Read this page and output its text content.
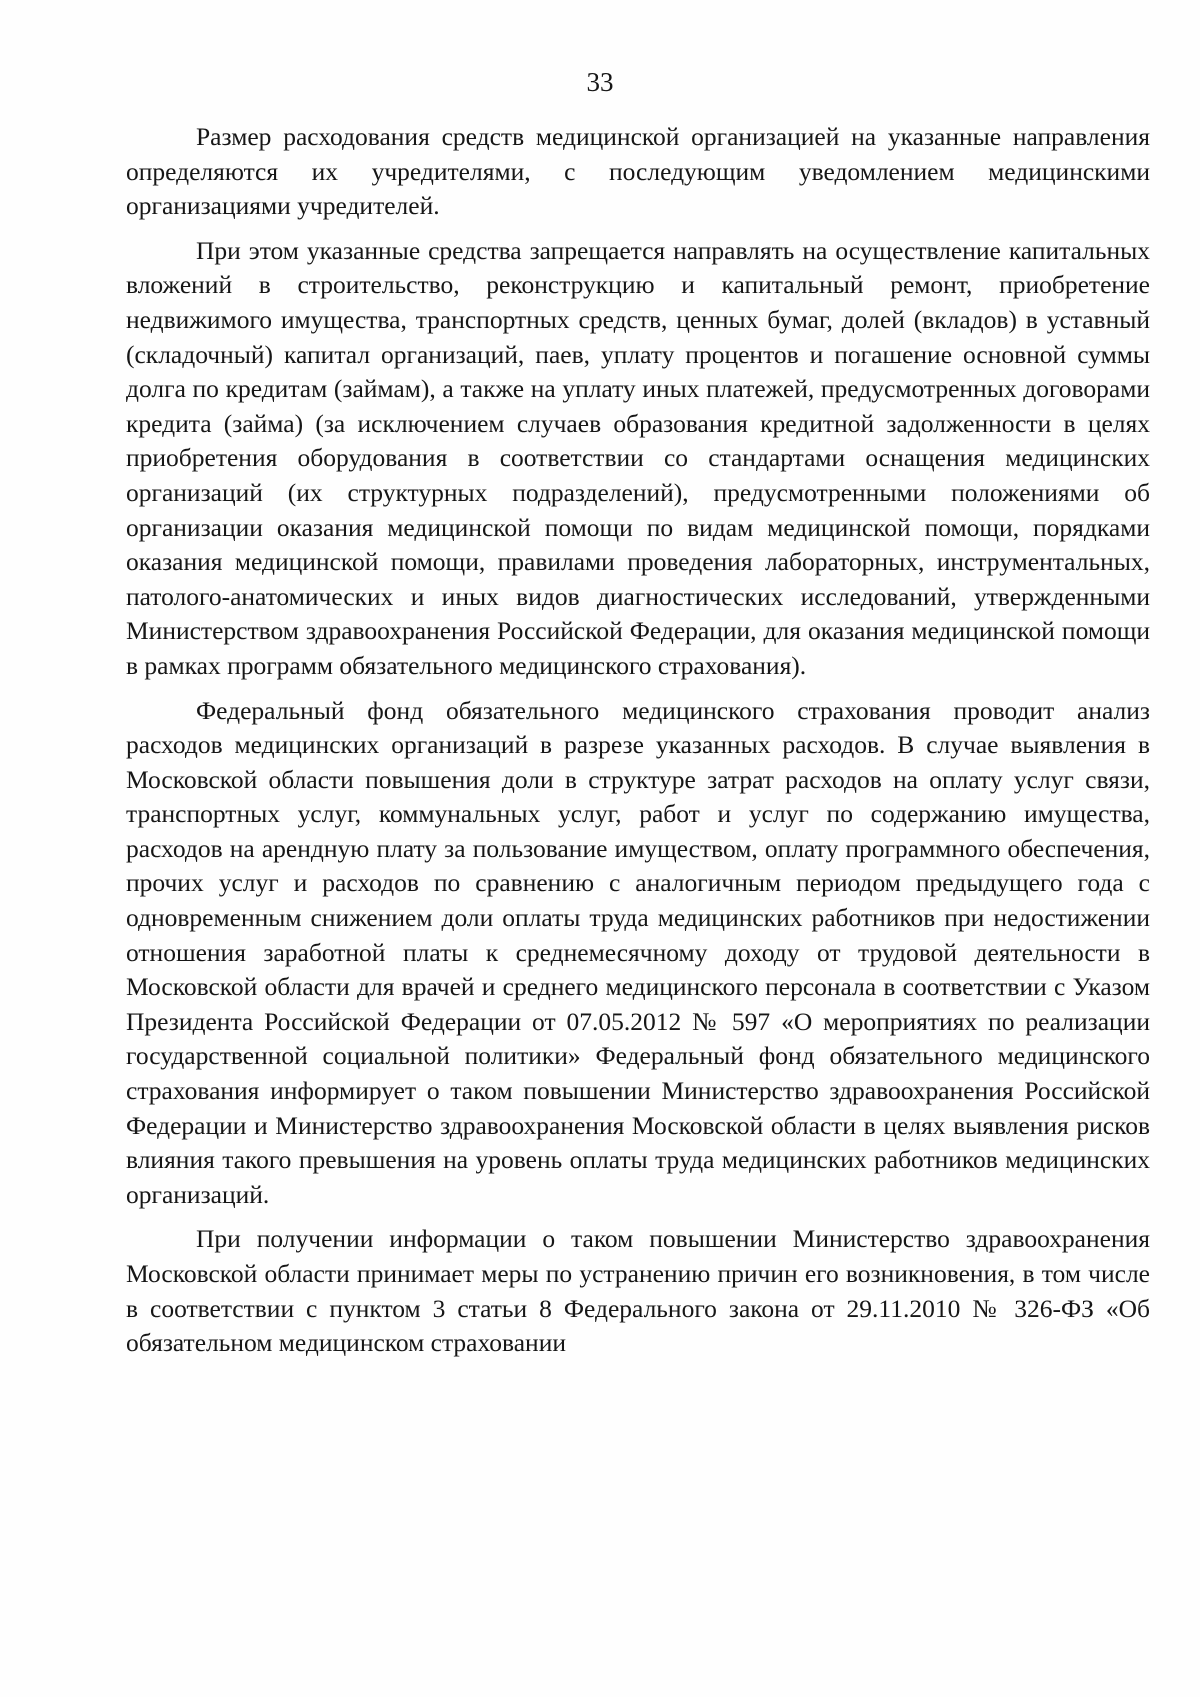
33

Размер расходования средств медицинской организацией на указанные направления определяются их учредителями, с последующим уведомлением медицинскими организациями учредителей.

При этом указанные средства запрещается направлять на осуществление капитальных вложений в строительство, реконструкцию и капитальный ремонт, приобретение недвижимого имущества, транспортных средств, ценных бумаг, долей (вкладов) в уставный (складочный) капитал организаций, паев, уплату процентов и погашение основной суммы долга по кредитам (займам), а также на уплату иных платежей, предусмотренных договорами кредита (займа) (за исключением случаев образования кредитной задолженности в целях приобретения оборудования в соответствии со стандартами оснащения медицинских организаций (их структурных подразделений), предусмотренными положениями об организации оказания медицинской помощи по видам медицинской помощи, порядками оказания медицинской помощи, правилами проведения лабораторных, инструментальных, патолого-анатомических и иных видов диагностических исследований, утвержденными Министерством здравоохранения Российской Федерации, для оказания медицинской помощи в рамках программ обязательного медицинского страхования).

Федеральный фонд обязательного медицинского страхования проводит анализ расходов медицинских организаций в разрезе указанных расходов. В случае выявления в Московской области повышения доли в структуре затрат расходов на оплату услуг связи, транспортных услуг, коммунальных услуг, работ и услуг по содержанию имущества, расходов на арендную плату за пользование имуществом, оплату программного обеспечения, прочих услуг и расходов по сравнению с аналогичным периодом предыдущего года с одновременным снижением доли оплаты труда медицинских работников при недостижении отношения заработной платы к среднемесячному доходу от трудовой деятельности в Московской области для врачей и среднего медицинского персонала в соответствии с Указом Президента Российской Федерации от 07.05.2012 № 597 «О мероприятиях по реализации государственной социальной политики» Федеральный фонд обязательного медицинского страхования информирует о таком повышении Министерство здравоохранения Российской Федерации и Министерство здравоохранения Московской области в целях выявления рисков влияния такого превышения на уровень оплаты труда медицинских работников медицинских организаций.

При получении информации о таком повышении Министерство здравоохранения Московской области принимает меры по устранению причин его возникновения, в том числе в соответствии с пунктом 3 статьи 8 Федерального закона от 29.11.2010 № 326-ФЗ «Об обязательном медицинском страховании
